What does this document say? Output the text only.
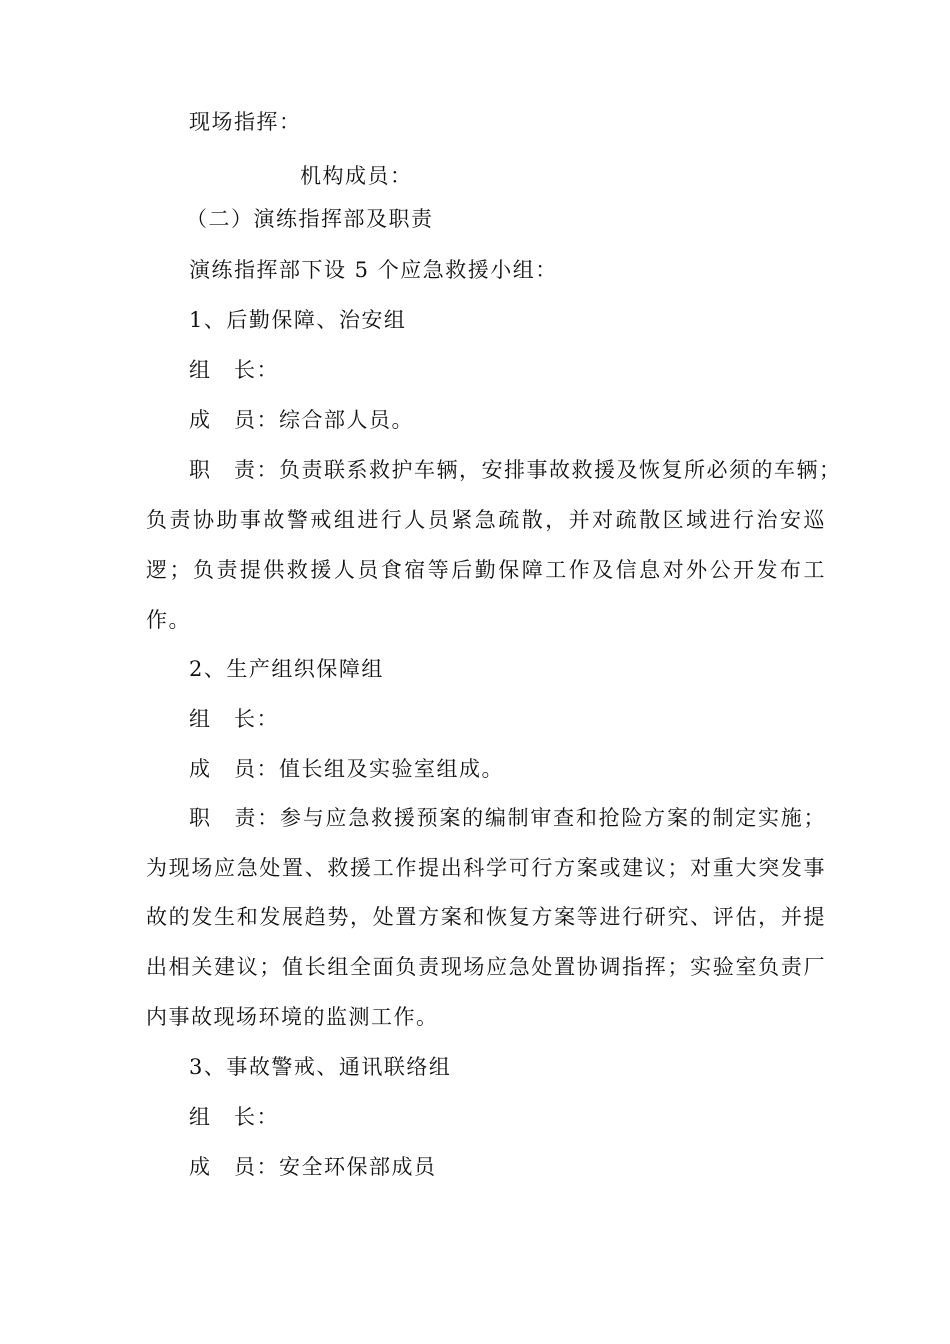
现场指挥：
机构成员：
（二）演练指挥部及职责
演练指挥部下设 5 个应急救援小组：
1、后勤保障、治安组
组　长：
成　员：综合部人员。
职　责：负责联系救护车辆，安排事故救援及恢复所必须的车辆；
负责协助事故警戒组进行人员紧急疏散，并对疏散区域进行治安巡
逻；负责提供救援人员食宿等后勤保障工作及信息对外公开发布工
作。
2、生产组织保障组
组　长：
成　员：值长组及实验室组成。
职　责：参与应急救援预案的编制审查和抢险方案的制定实施；
为现场应急处置、救援工作提出科学可行方案或建议；对重大突发事
故的发生和发展趋势，处置方案和恢复方案等进行研究、评估，并提
出相关建议；值长组全面负责现场应急处置协调指挥；实验室负责厂
内事故现场环境的监测工作。
3、事故警戒、通讯联络组
组　长：
成　员：安全环保部成员
